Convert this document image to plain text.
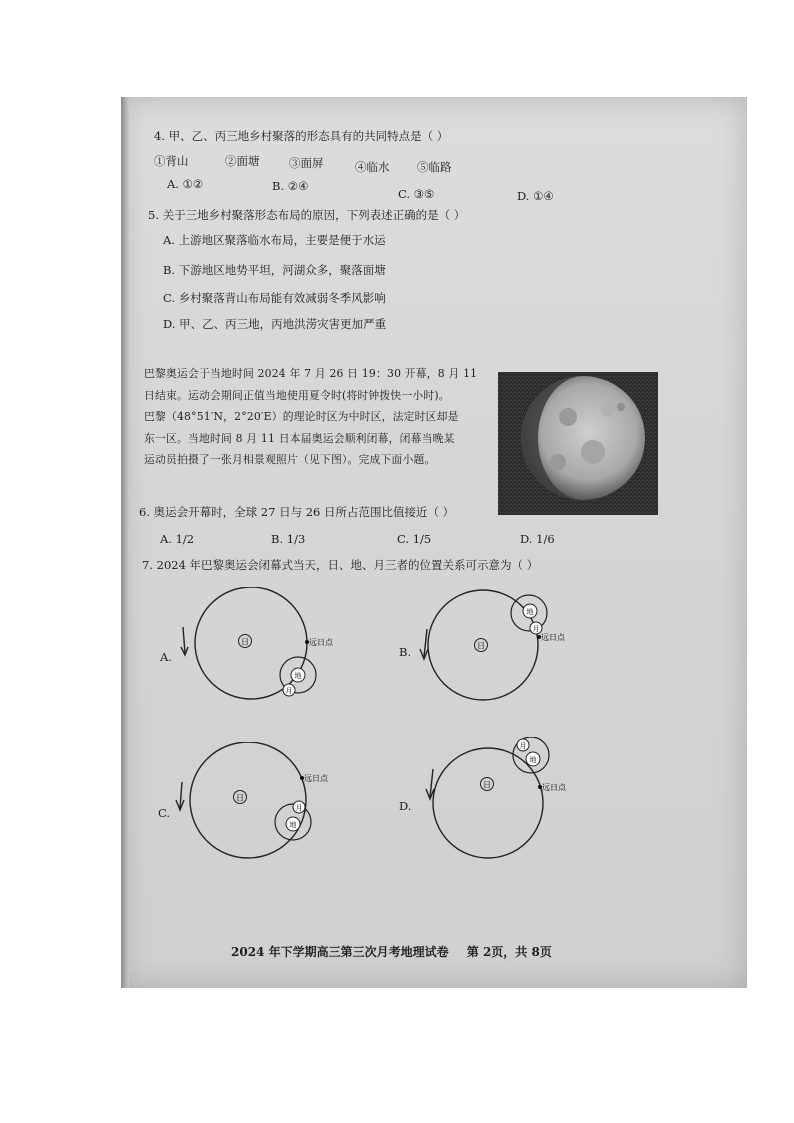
4. 甲、乙、丙三地乡村聚落的形态具有的共同特点是（ ）
①背山	②面塘	③面屏	④临水 ⑤临路
A. ①②	B. ②④
C. ③⑤	D. ①④
5. 关于三地乡村聚落形态布局的原因，下列表述正确的是（ ）
A. 上游地区聚落临水布局，主要是便于水运
B. 下游地区地势平坦，河湖众多，聚落面塘
C. 乡村聚落背山布局能有效减弱冬季风影响
D. 甲、乙、丙三地，丙地洪涝灾害更加严重
巴黎奥运会于当地时间 2024 年 7 月 26 日 19：30 开幕，8 月 11
日结束。运动会期间正值当地使用夏令时(将时钟拨快一小时)。
巴黎（48°51′N，2°20′E）的理论时区为中时区，法定时区却是
东一区。当地时间 8 月 11 日本届奥运会顺利闭幕，闭幕当晚某
运动员拍摄了一张月相景观照片（见下图）。完成下面小题。
6. 奥运会开幕时，全球 27 日与 26 日所占范围比值接近（ ）
A. 1/2	B. 1/3	C. 1/5	D. 1/6
7. 2024 年巴黎奥运会闭幕式当天，日、地、月三者的位置关系可示意为（ ）
A.
日	远日点
地
月
B.	日
远日点
地
月
C.
日
远日点
地
月	D.
日	远日点
地
月
2024 年下学期高三第三次月考地理试卷 第 2页，共 8页
